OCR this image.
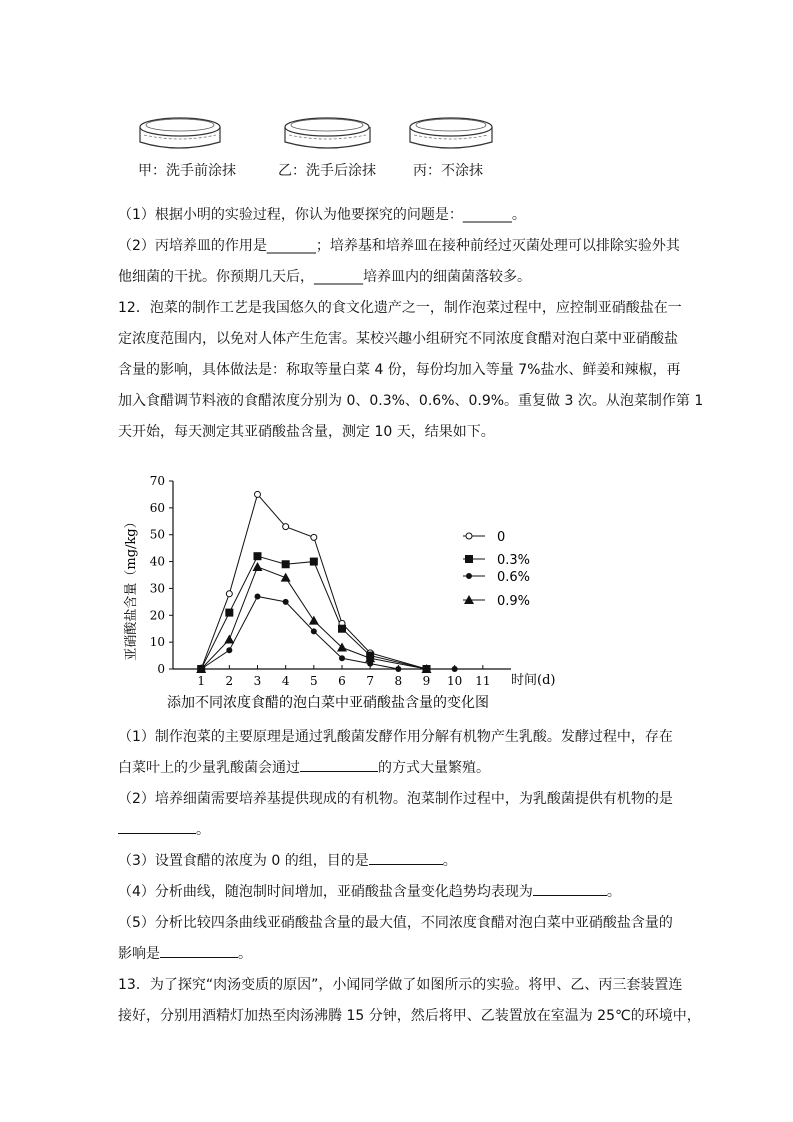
甲：洗手前涂抹	乙：洗手后涂抹	丙：不涂抹
（1）根据小明的实验过程，你认为他要探究的问题是：_______。
（2）丙培养皿的作用是_______；培养基和培养皿在接种前经过灭菌处理可以排除实验外其
他细菌的干扰。你预期几天后，_______培养皿内的细菌菌落较多。
12．泡菜的制作工艺是我国悠久的食文化遗产之一，制作泡菜过程中，应控制亚硝酸盐在一
定浓度范围内，以免对人体产生危害。某校兴趣小组研究不同浓度食醋对泡白菜中亚硝酸盐
含量的影响，具体做法是：称取等量白菜 4 份，每份均加入等量 7%盐水、鲜姜和辣椒，再
加入食醋调节料液的食醋浓度分别为 0、0.3%、0.6%、0.9%。重复做 3 次。从泡菜制作第 1
天开始，每天测定其亚硝酸盐含量，测定 10 天，结果如下。
0
10
20
30
40
50
60
70
1 2 3 4 5 6 7 8 9 10 11
0
0.3%
0.6%
0.9%
亚硝酸盐含量（mg/kg）
时间(d)
添加不同浓度食醋的泡白菜中亚硝酸盐含量的变化图
（1）制作泡菜的主要原理是通过乳酸菌发酵作用分解有机物产生乳酸。发酵过程中，存在
白菜叶上的少量乳酸菌会通过	的方式大量繁殖。
（2）培养细菌需要培养基提供现成的有机物。泡菜制作过程中，为乳酸菌提供有机物的是
。
（3）设置食醋的浓度为 0 的组，目的是	。
（4）分析曲线，随泡制时间增加，亚硝酸盐含量变化趋势均表现为	。
（5）分析比较四条曲线亚硝酸盐含量的最大值，不同浓度食醋对泡白菜中亚硝酸盐含量的
影响是	。
13．为了探究“肉汤变质的原因”，小闻同学做了如图所示的实验。将甲、乙、丙三套装置连
接好，分别用酒精灯加热至肉汤沸腾 15 分钟，然后将甲、乙装置放在室温为 25℃的环境中，
